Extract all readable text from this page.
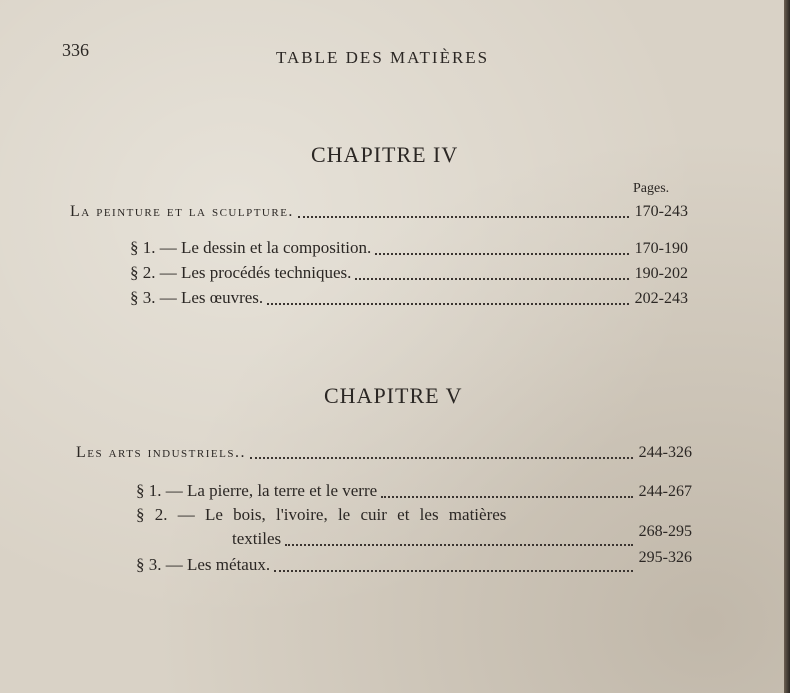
336	TABLE DES MATIÈRES
CHAPITRE IV
Pages.
La peinture et la sculpture.	170-243
§ 1. — Le dessin et la composition.	170-190
§ 2. — Les procédés techniques.	190-202
§ 3. — Les œuvres.	202-243
CHAPITRE V
Les arts industriels..	244-326
§ 1. — La pierre, la terre et le verre	244-267
§ 2. — Le bois, l'ivoire, le cuir et les matières
textiles	268-295
§ 3. — Les métaux.	295-326
